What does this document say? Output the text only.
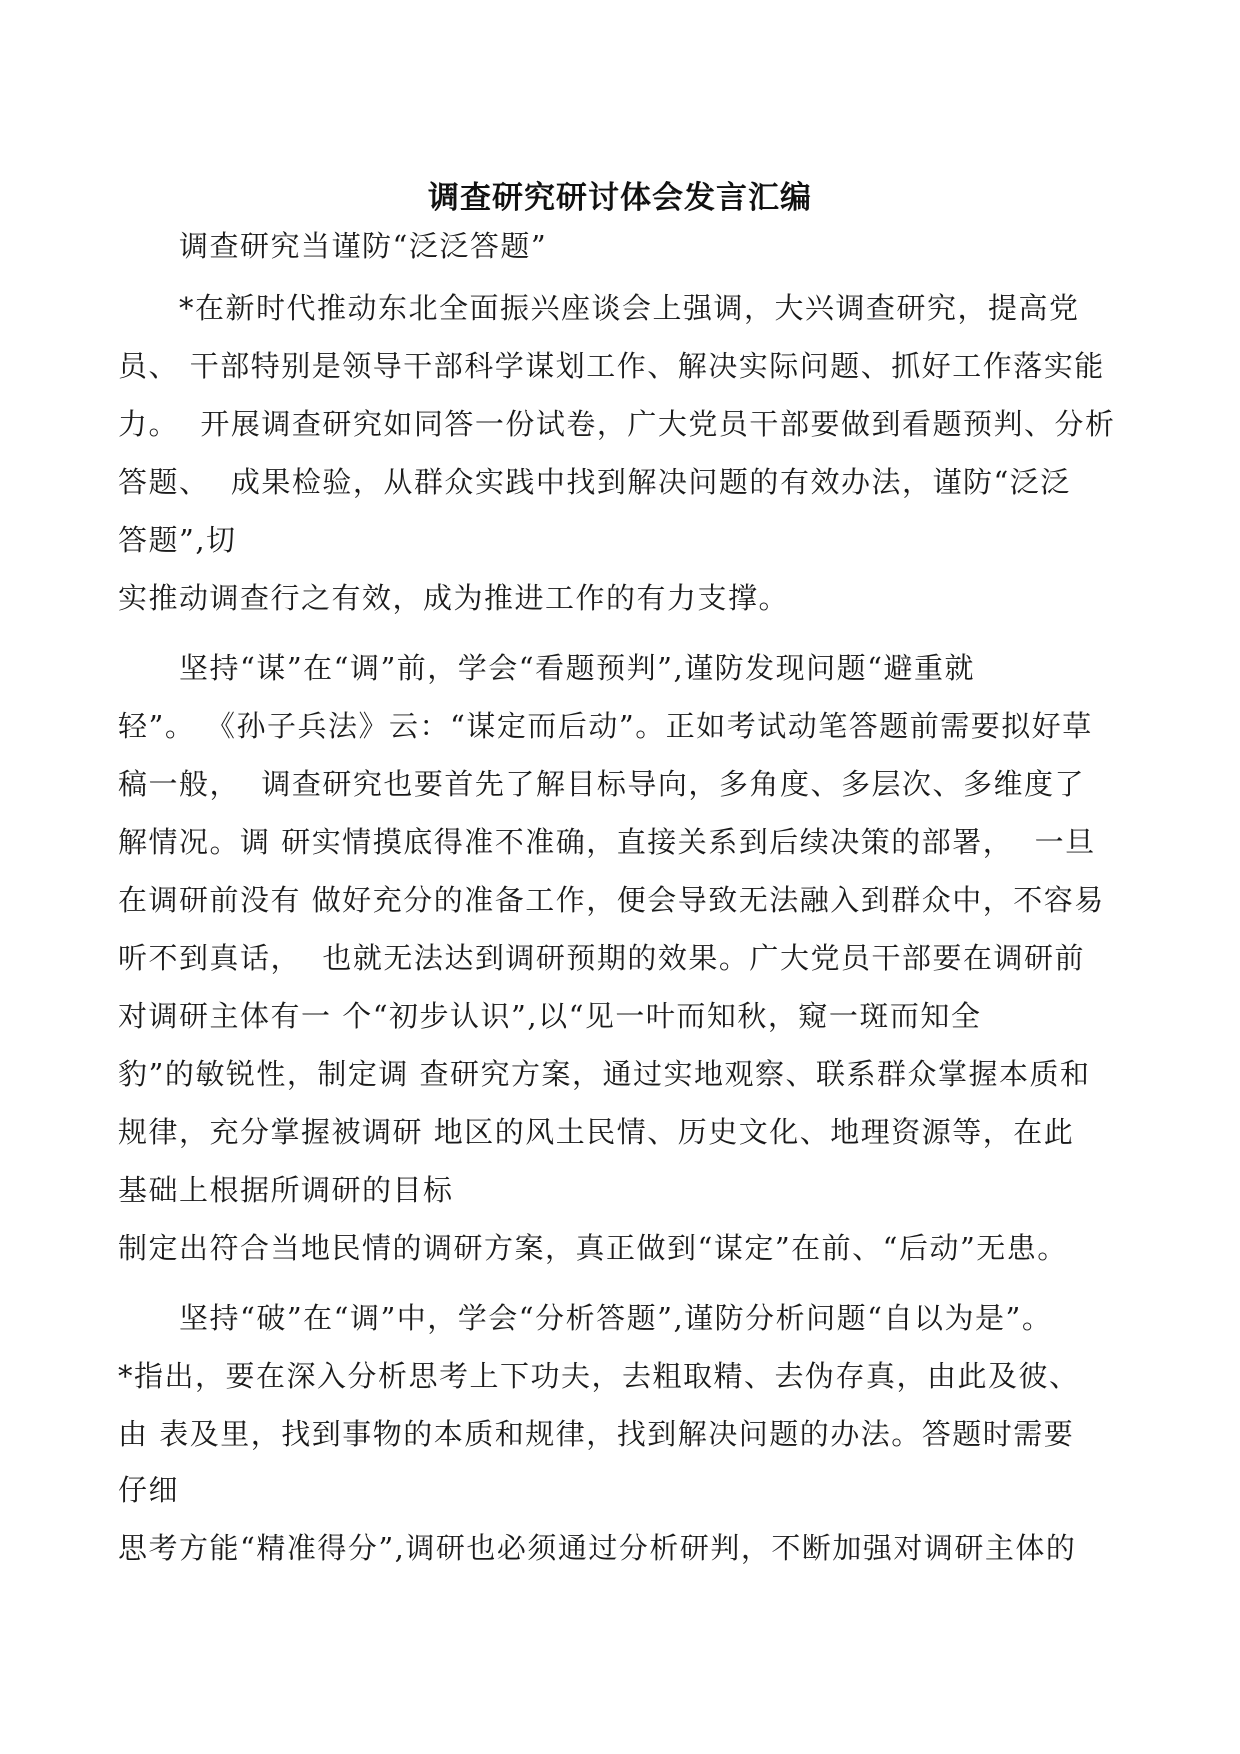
调查研究研讨体会发言汇编
　　调查研究当谨防“泛泛答题”
　　*在新时代推动东北全面振兴座谈会上强调，大兴调查研究，提高党
员、 干部特别是领导干部科学谋划工作、解决实际问题、抓好工作落实能
力。  开展调查研究如同答一份试卷，广大党员干部要做到看题预判、分析
答题、  成果检验，从群众实践中找到解决问题的有效办法，谨防“泛泛
答题”,切
实推动调查行之有效，成为推进工作的有力支撑。
　　坚持“谋”在“调”前，学会“看题预判”,谨防发现问题“避重就
轻”。 《孙子兵法》云：“谋定而后动”。正如考试动笔答题前需要拟好草
稿一般，  调查研究也要首先了解目标导向，多角度、多层次、多维度了
解情况。调 研实情摸底得准不准确，直接关系到后续决策的部署，  一旦
在调研前没有 做好充分的准备工作，便会导致无法融入到群众中，不容易
听不到真话，  也就无法达到调研预期的效果。广大党员干部要在调研前
对调研主体有一 个“初步认识”,以“见一叶而知秋，窥一斑而知全
豹”的敏锐性，制定调 查研究方案，通过实地观察、联系群众掌握本质和
规律，充分掌握被调研 地区的风土民情、历史文化、地理资源等，在此
基础上根据所调研的目标
制定出符合当地民情的调研方案，真正做到“谋定”在前、“后动”无患。
　　坚持“破”在“调”中，学会“分析答题”,谨防分析问题“自以为是”。
*指出，要在深入分析思考上下功夫，去粗取精、去伪存真，由此及彼、
由 表及里，找到事物的本质和规律，找到解决问题的办法。答题时需要
仔细
思考方能“精准得分”,调研也必须通过分析研判，不断加强对调研主体的
